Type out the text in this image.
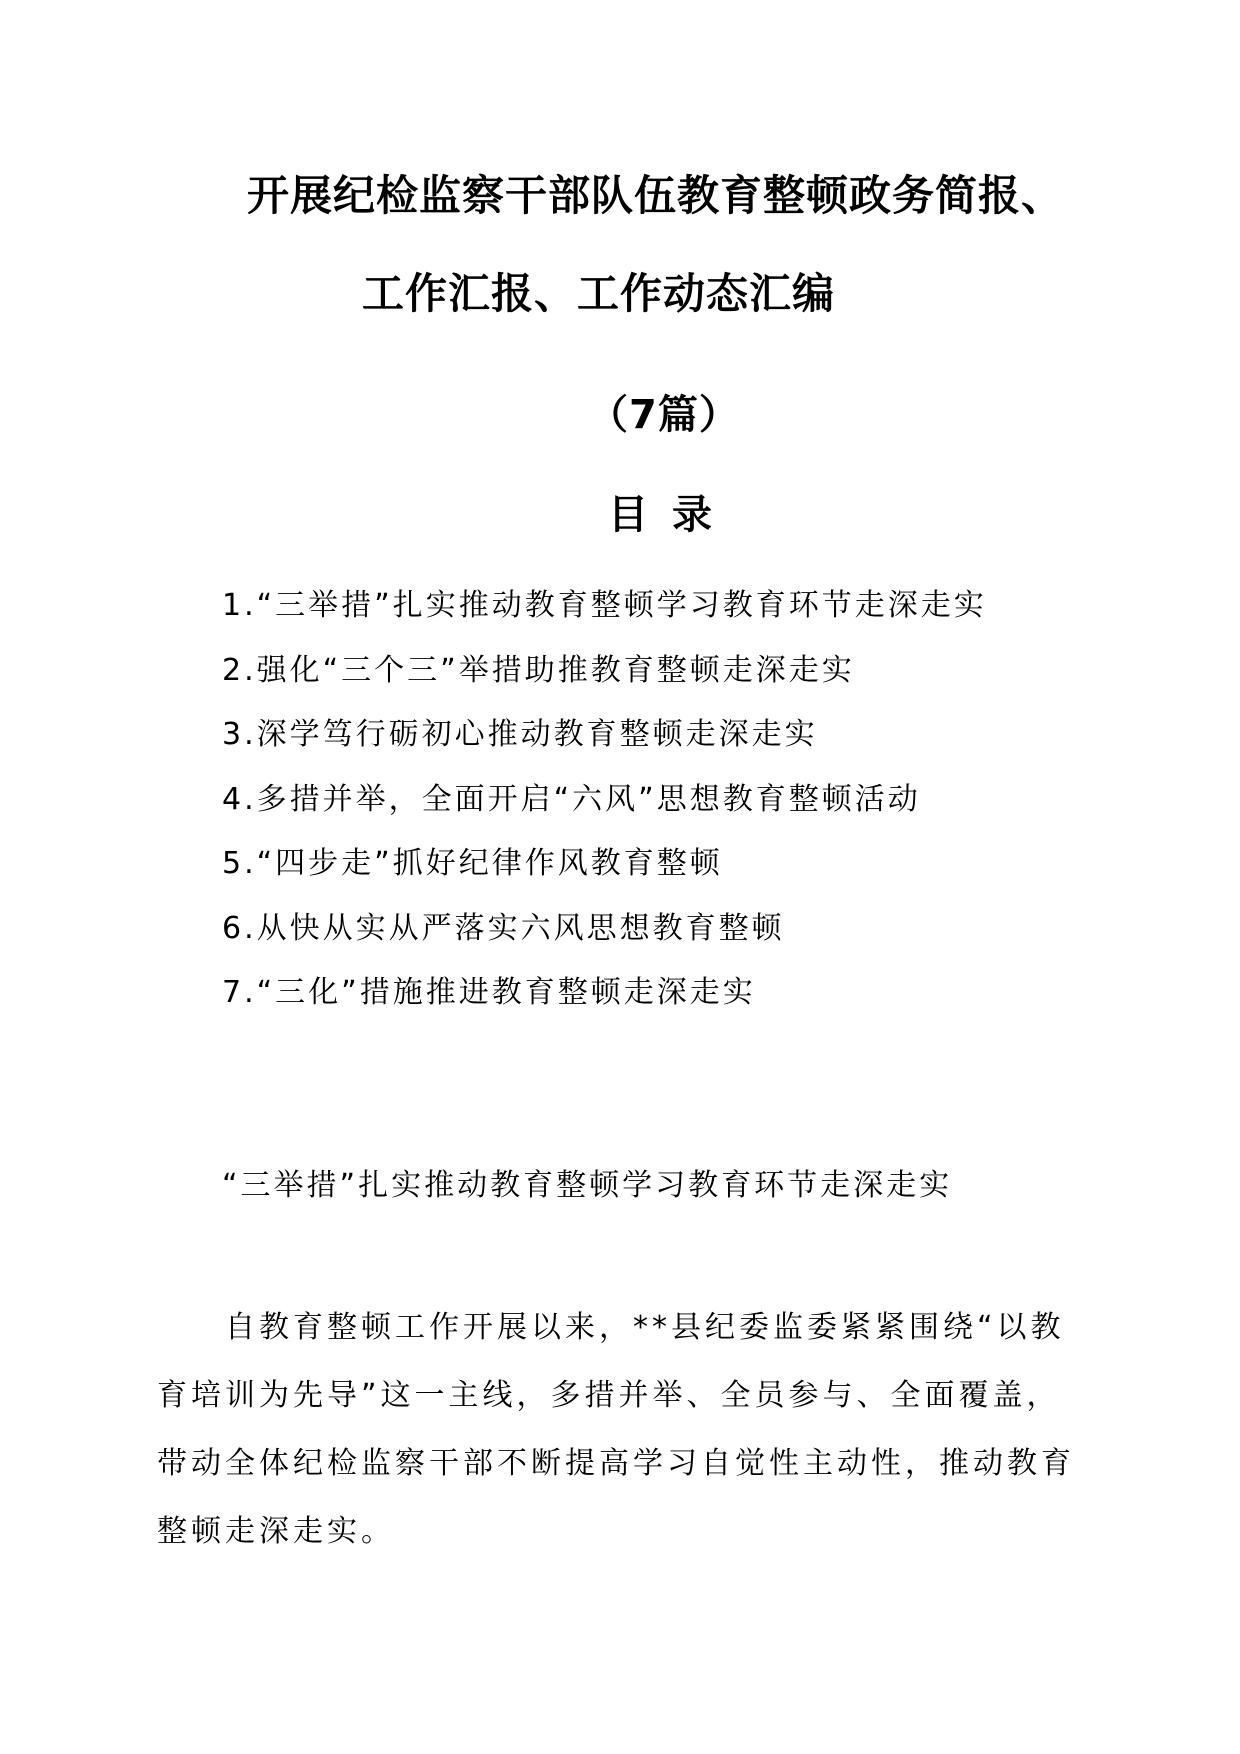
开展纪检监察干部队伍教育整顿政务简报、
工作汇报、工作动态汇编
（7篇）
目录
1.“三举措”扎实推动教育整顿学习教育环节走深走实
2.强化“三个三”举措助推教育整顿走深走实
3.深学笃行砺初心推动教育整顿走深走实
4.多措并举，全面开启“六风”思想教育整顿活动
5.“四步走”抓好纪律作风教育整顿
6.从快从实从严落实六风思想教育整顿
7.“三化”措施推进教育整顿走深走实
“三举措”扎实推动教育整顿学习教育环节走深走实

自教育整顿工作开展以来，**县纪委监委紧紧围绕“以教育培训为先导”这一主线，多措并举、全员参与、全面覆盖，带动全体纪检监察干部不断提高学习自觉性主动性，推动教育整顿走深走实。
